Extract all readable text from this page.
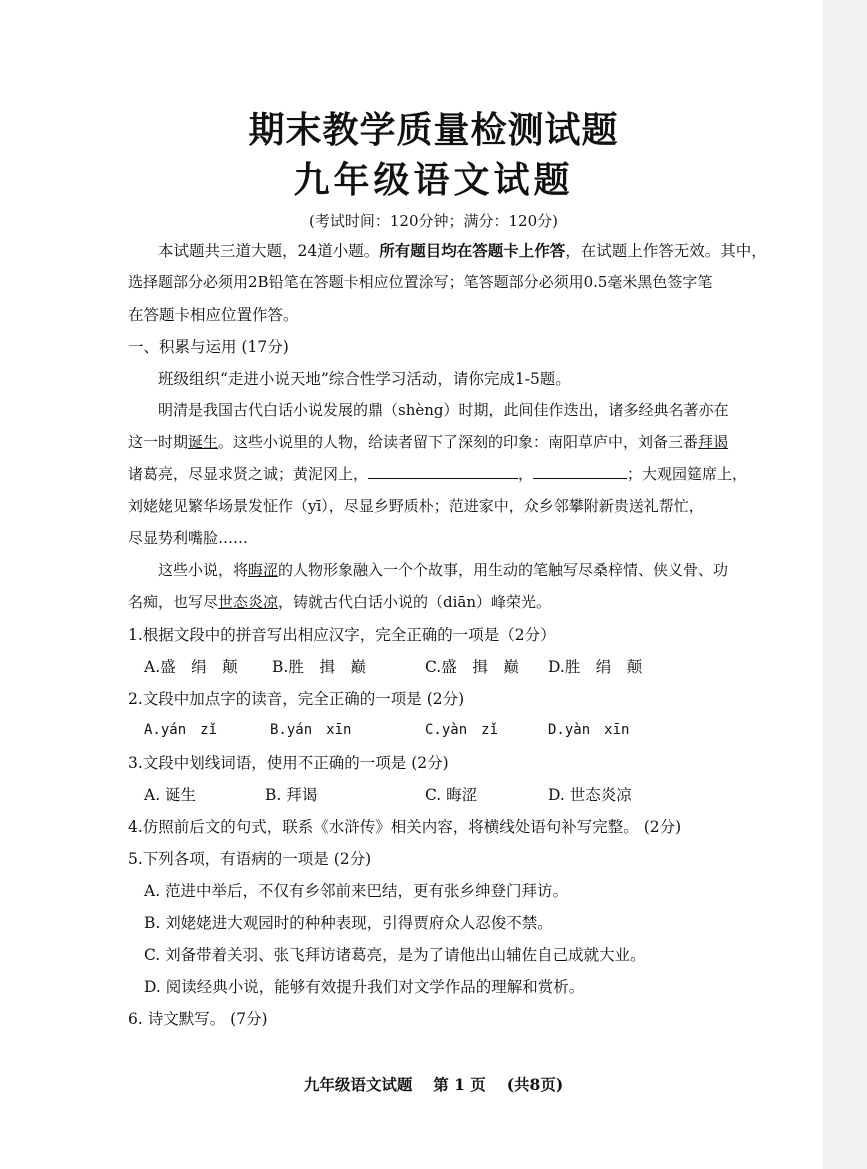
期末教学质量检测试题
九年级语文试题
(考试时间：120分钟；满分：120分)
本试题共三道大题，24道小题。所有题目均在答题卡上作答，在试题上作答无效。其中，
选择题部分必须用2B铅笔在答题卡相应位置涂写；笔答题部分必须用0.5毫米黑色签字笔
在答题卡相应位置作答。
一、积累与运用 (17分)
班级组织“走进小说天地”综合性学习活动，请你完成1-5题。
明清是我国古代白话小说发展的鼎（shèng）时期，此间佳作迭出，诸多经典名著亦在
这一时期诞生。这些小说里的人物，给读者留下了深刻的印象：南阳草庐中，刘备三番拜谒
诸葛亮，尽显求贤之诚；黄泥冈上，	，	；大观园筵席上，
刘姥姥见繁华场景发怔作（yī），尽显乡野质朴；范进家中，众乡邻攀附新贵送礼帮忙，
尽显势利嘴脸……
这些小说，将晦涩的人物形象融入一个个故事，用生动的笔触写尽桑梓情、侠义骨、功
名痴，也写尽世态炎凉，铸就古代白话小说的（diān）峰荣光。
1.根据文段中的拼音写出相应汉字，完全正确的一项是（2分）
A.盛　绢　颠 B.胜　揖　巅	C.盛　揖　巅 D.胜　绢　颠
2.文段中加点字的读音，完全正确的一项是 (2分)
A.yán　zǐ	B.yán　xīn	C.yàn　zǐ	D.yàn　xīn
3.文段中划线词语，使用不正确的一项是 (2分)
A. 诞生	B. 拜谒	C. 晦涩	D. 世态炎凉
4.仿照前后文的句式，联系《水浒传》相关内容，将横线处语句补写完整。 (2分)
5.下列各项，有语病的一项是 (2分)
A. 范进中举后，不仅有乡邻前来巴结，更有张乡绅登门拜访。
B. 刘姥姥进大观园时的种种表现，引得贾府众人忍俊不禁。
C. 刘备带着关羽、张飞拜访诸葛亮，是为了请他出山辅佐自己成就大业。
D. 阅读经典小说，能够有效提升我们对文学作品的理解和赏析。
6. 诗文默写。 (7分)
九年级语文试题　 第 1 页　 (共8页)
